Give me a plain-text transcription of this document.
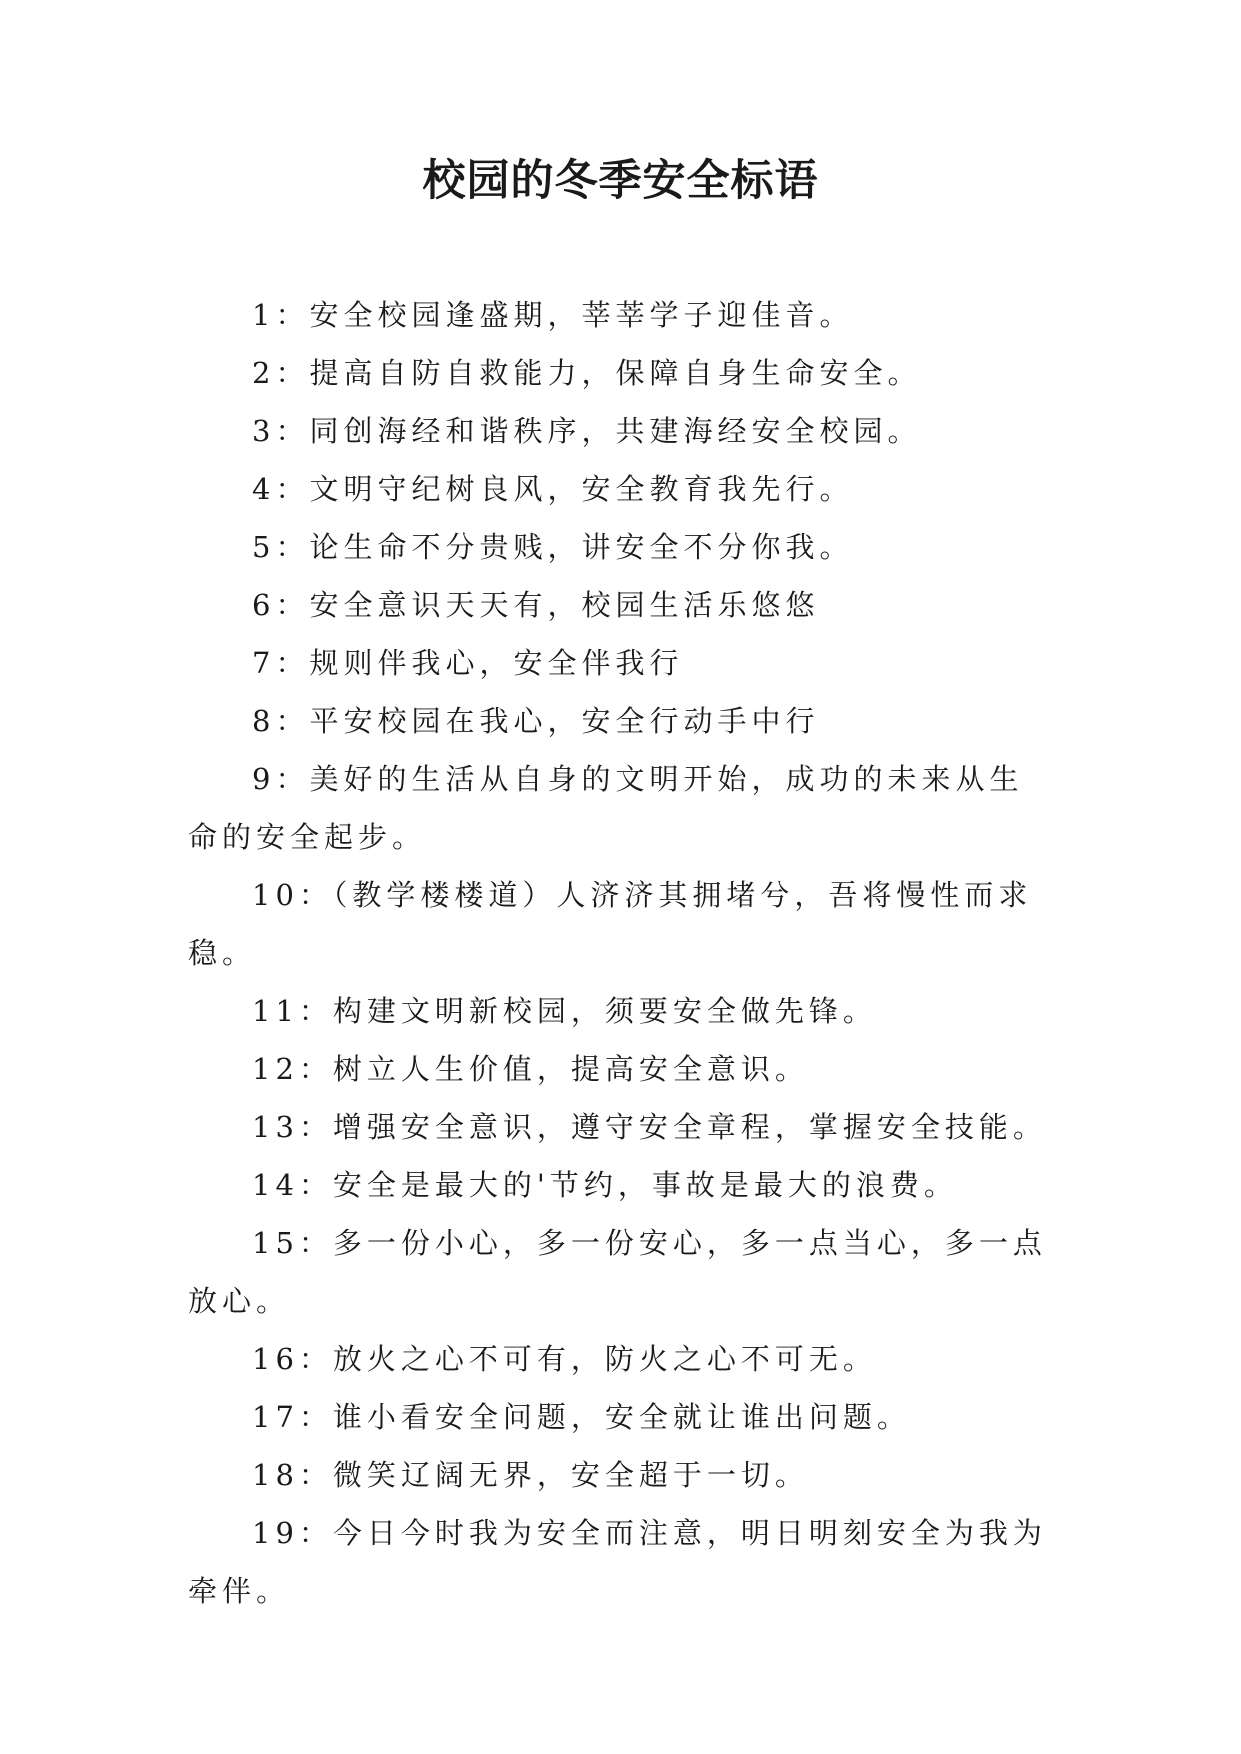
校园的冬季安全标语

1：安全校园逢盛期，莘莘学子迎佳音。

2：提高自防自救能力，保障自身生命安全。

3：同创海经和谐秩序，共建海经安全校园。

4：文明守纪树良风，安全教育我先行。

5：论生命不分贵贱，讲安全不分你我。

6：安全意识天天有，校园生活乐悠悠

7：规则伴我心，安全伴我行

8：平安校园在我心，安全行动手中行

9：美好的生活从自身的文明开始，成功的未来从生命的安全起步。

10：（教学楼楼道）人济济其拥堵兮，吾将慢性而求稳。

11：构建文明新校园，须要安全做先锋。

12：树立人生价值，提高安全意识。

13：增强安全意识，遵守安全章程，掌握安全技能。

14：安全是最大的'节约，事故是最大的浪费。

15：多一份小心，多一份安心，多一点当心，多一点放心。

16：放火之心不可有，防火之心不可无。

17：谁小看安全问题，安全就让谁出问题。

18：微笑辽阔无界，安全超于一切。

19：今日今时我为安全而注意，明日明刻安全为我为牵伴。
